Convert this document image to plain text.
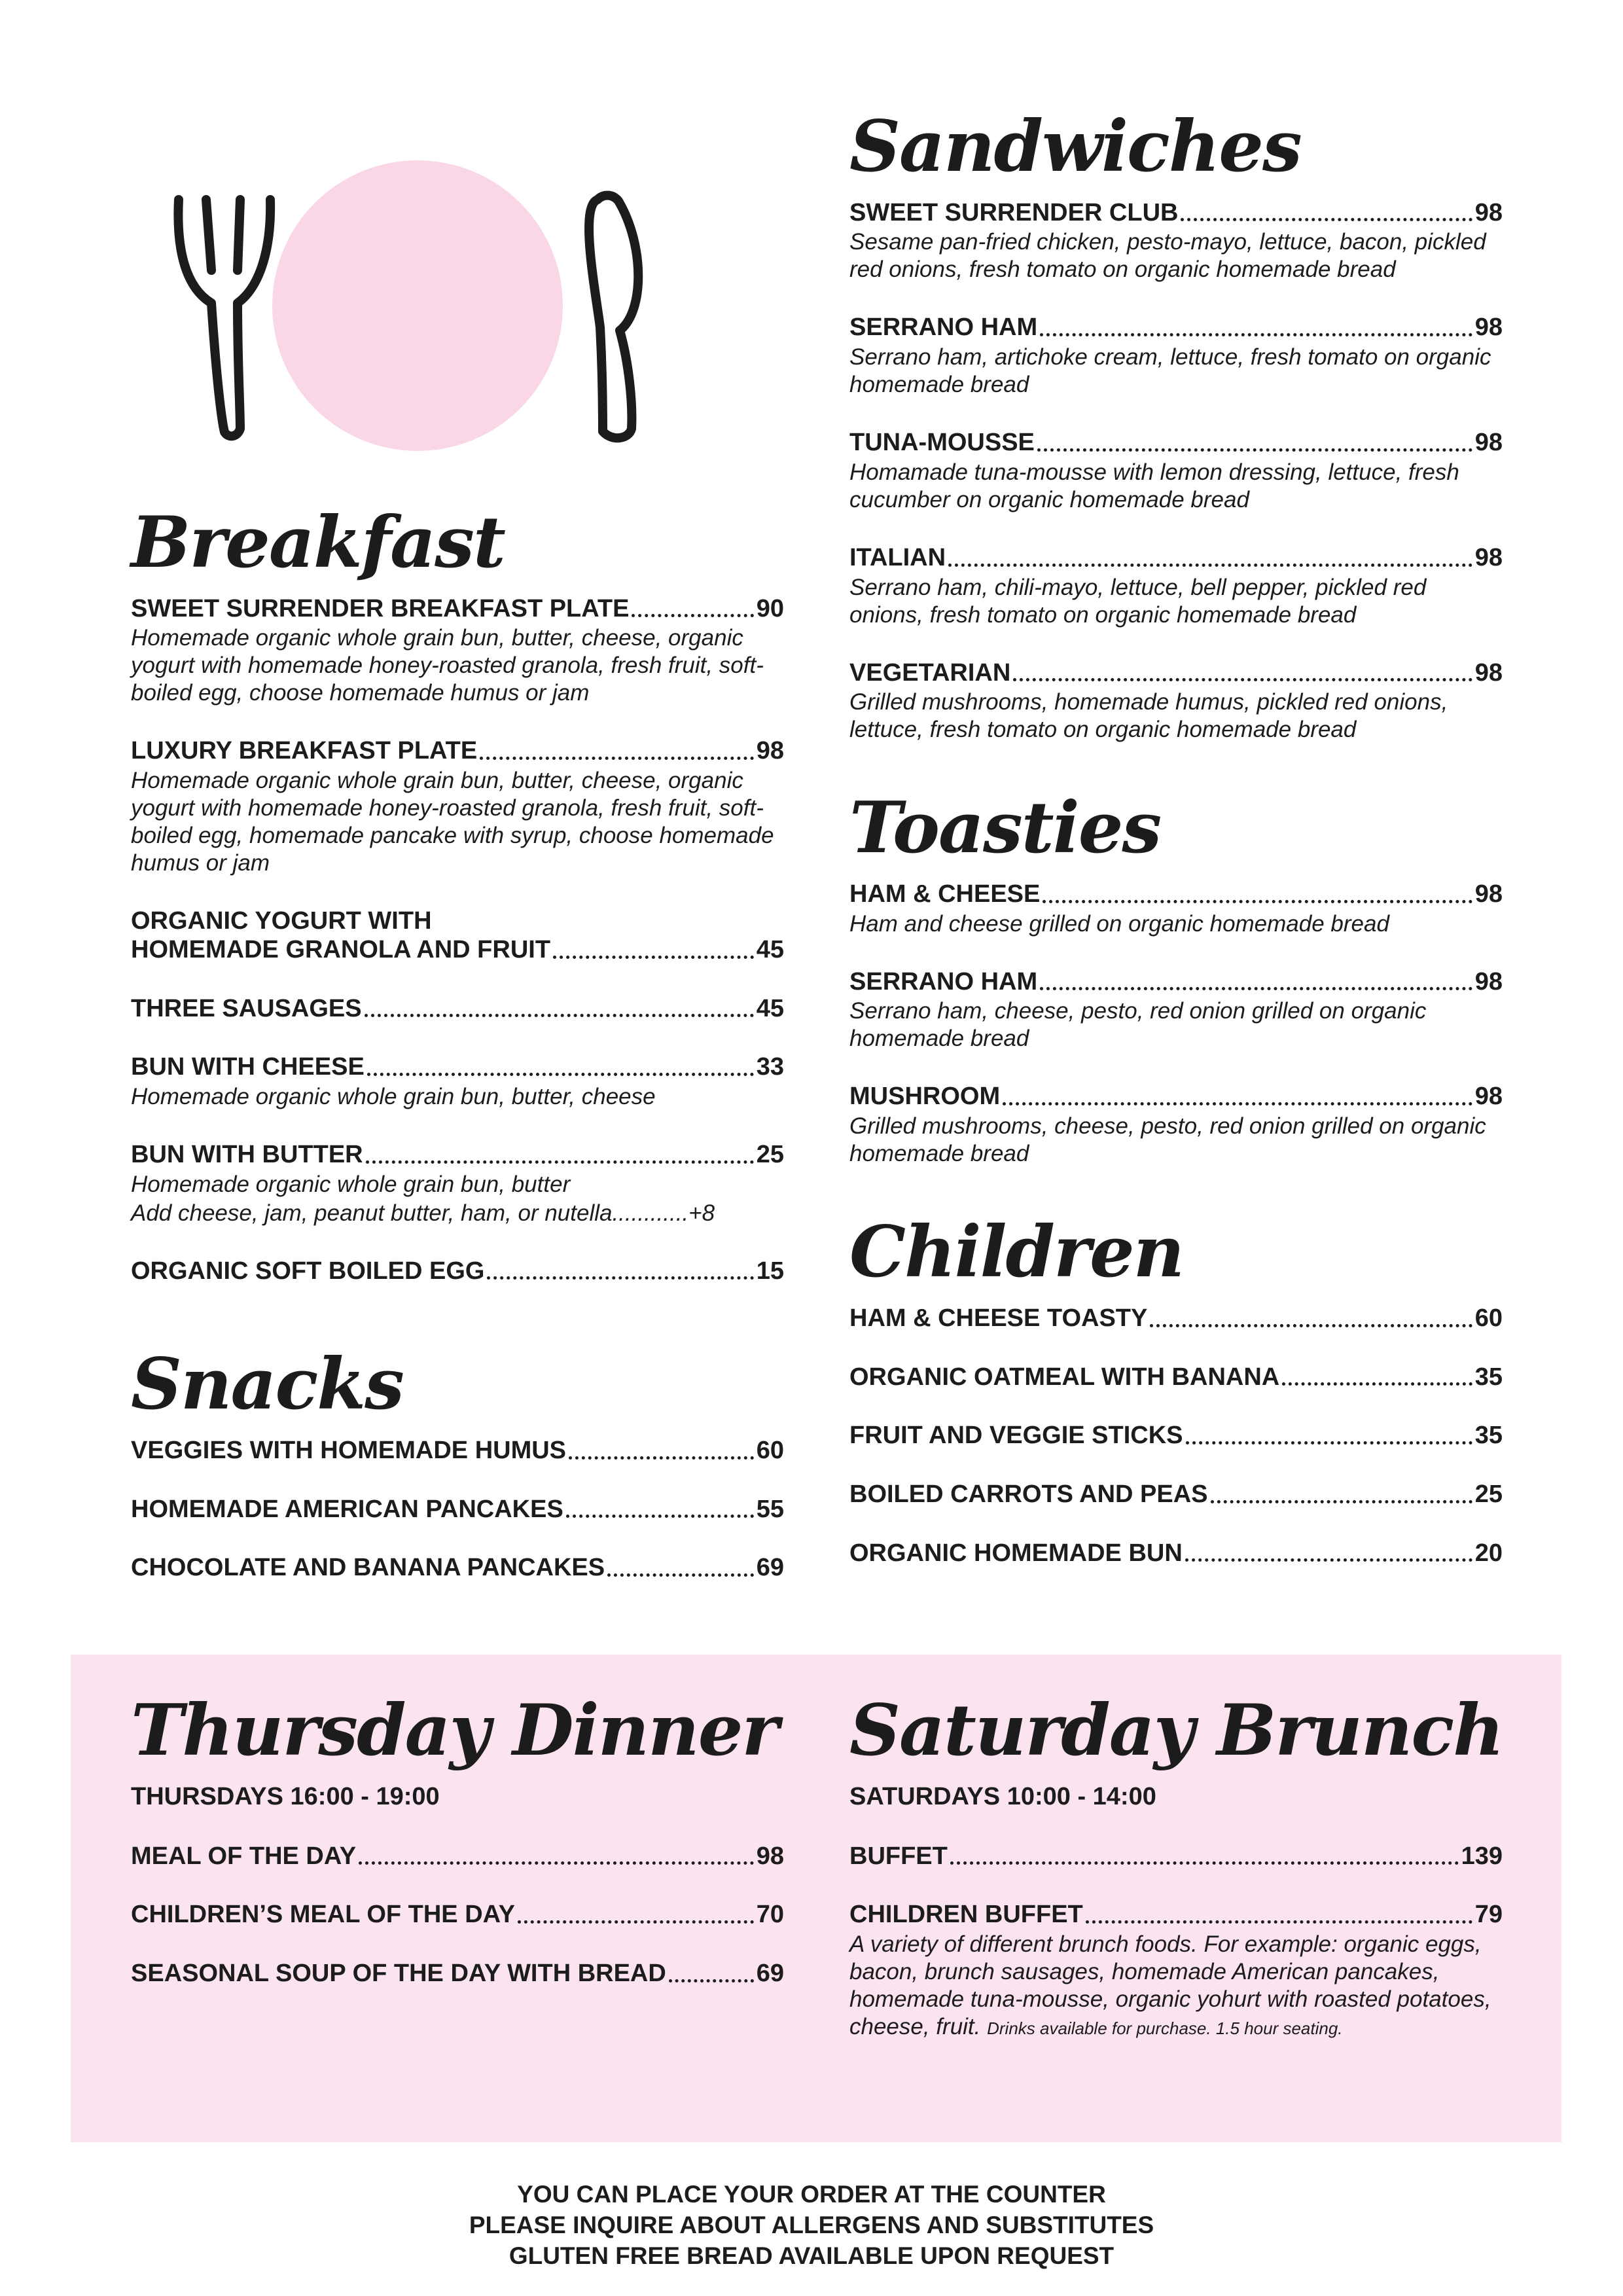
Breakfast
SWEET SURRENDER BREAKFAST PLATE	90
Homemade organic whole grain bun, butter, cheese, organic yogurt with homemade honey-roasted granola, fresh fruit, soft-boiled egg, choose homemade humus or jam
LUXURY BREAKFAST PLATE	98
Homemade organic whole grain bun, butter, cheese, organic yogurt with homemade honey-roasted granola, fresh fruit, soft-boiled egg, homemade pancake with syrup, choose homemade humus or jam
ORGANIC YOGURT WITH
HOMEMADE GRANOLA AND FRUIT	45
THREE SAUSAGES	45
BUN WITH CHEESE	33
Homemade organic whole grain bun, butter, cheese
BUN WITH BUTTER	25
Homemade organic whole grain bun, butter
Add cheese, jam, peanut butter, ham, or nutella............+8
ORGANIC SOFT BOILED EGG	15
Snacks
VEGGIES WITH HOMEMADE HUMUS	60
HOMEMADE AMERICAN PANCAKES	55
CHOCOLATE AND BANANA PANCAKES	69
Sandwiches
SWEET SURRENDER CLUB	98
Sesame pan-fried chicken, pesto-mayo, lettuce, bacon, pickled red onions, fresh tomato on organic homemade bread
SERRANO HAM	98
Serrano ham, artichoke cream, lettuce, fresh tomato on organic homemade bread
TUNA-MOUSSE	98
Homamade tuna-mousse with lemon dressing, lettuce, fresh cucumber on organic homemade bread
ITALIAN	98
Serrano ham, chili-mayo, lettuce, bell pepper, pickled red onions, fresh tomato on organic homemade bread
VEGETARIAN	98
Grilled mushrooms, homemade humus, pickled red onions, lettuce, fresh tomato on organic homemade bread
Toasties
HAM & CHEESE	98
Ham and cheese grilled on organic homemade bread
SERRANO HAM	98
Serrano ham, cheese, pesto, red onion grilled on organic homemade bread
MUSHROOM	98
Grilled mushrooms, cheese, pesto, red onion grilled on organic homemade bread
Children
HAM & CHEESE TOASTY	60
ORGANIC OATMEAL WITH BANANA	35
FRUIT AND VEGGIE STICKS	35
BOILED CARROTS AND PEAS	25
ORGANIC HOMEMADE BUN	20
Thursday Dinner
THURSDAYS 16:00 - 19:00
MEAL OF THE DAY	98
CHILDREN’S MEAL OF THE DAY	70
SEASONAL SOUP OF THE DAY WITH BREAD	69
Saturday Brunch
SATURDAYS 10:00 - 14:00
BUFFET	139
CHILDREN BUFFET	79
A variety of different brunch foods. For example: organic eggs, bacon, brunch sausages, homemade American pancakes, homemade tuna-mousse, organic yohurt with roasted potatoes, cheese, fruit. Drinks available for purchase. 1.5 hour seating.
YOU CAN PLACE YOUR ORDER AT THE COUNTER
PLEASE INQUIRE ABOUT ALLERGENS AND SUBSTITUTES
GLUTEN FREE BREAD AVAILABLE UPON REQUEST
